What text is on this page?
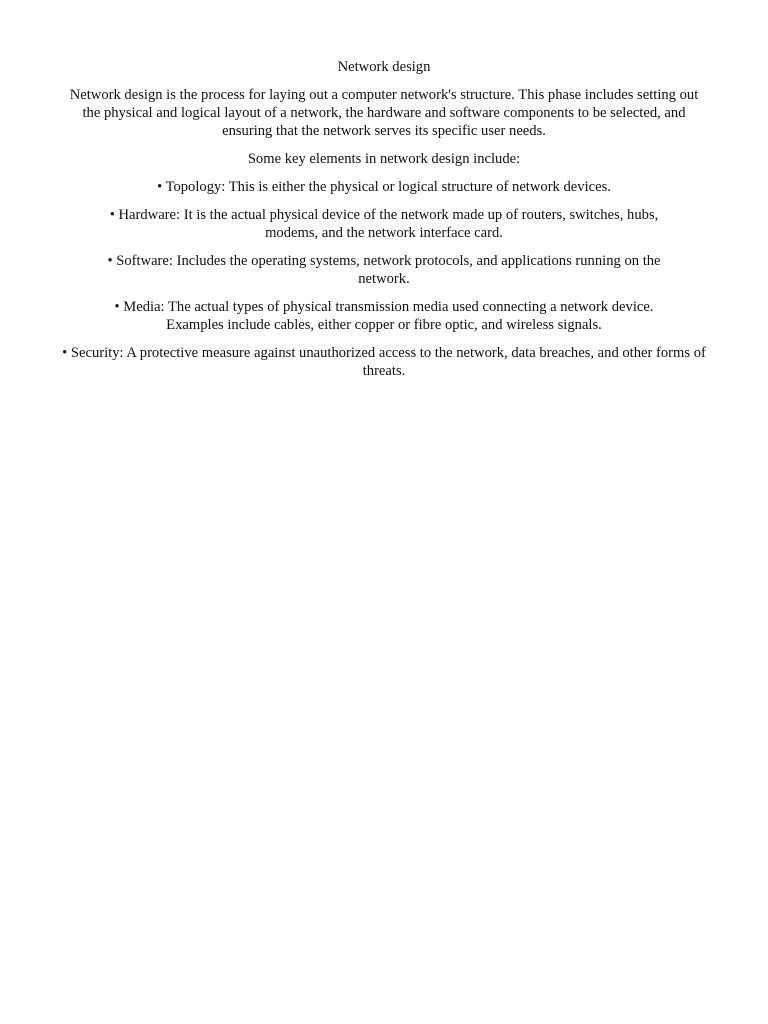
Network design

Network design is the process for laying out a computer network's structure. This phase includes setting out the physical and logical layout of a network, the hardware and software components to be selected, and ensuring that the network serves its specific user needs.

Some key elements in network design include:

• Topology: This is either the physical or logical structure of network devices.

• Hardware: It is the actual physical device of the network made up of routers, switches, hubs, modems, and the network interface card.

• Software: Includes the operating systems, network protocols, and applications running on the network.

• Media: The actual types of physical transmission media used connecting a network device. Examples include cables, either copper or fibre optic, and wireless signals.

• Security: A protective measure against unauthorized access to the network, data breaches, and other forms of threats.
